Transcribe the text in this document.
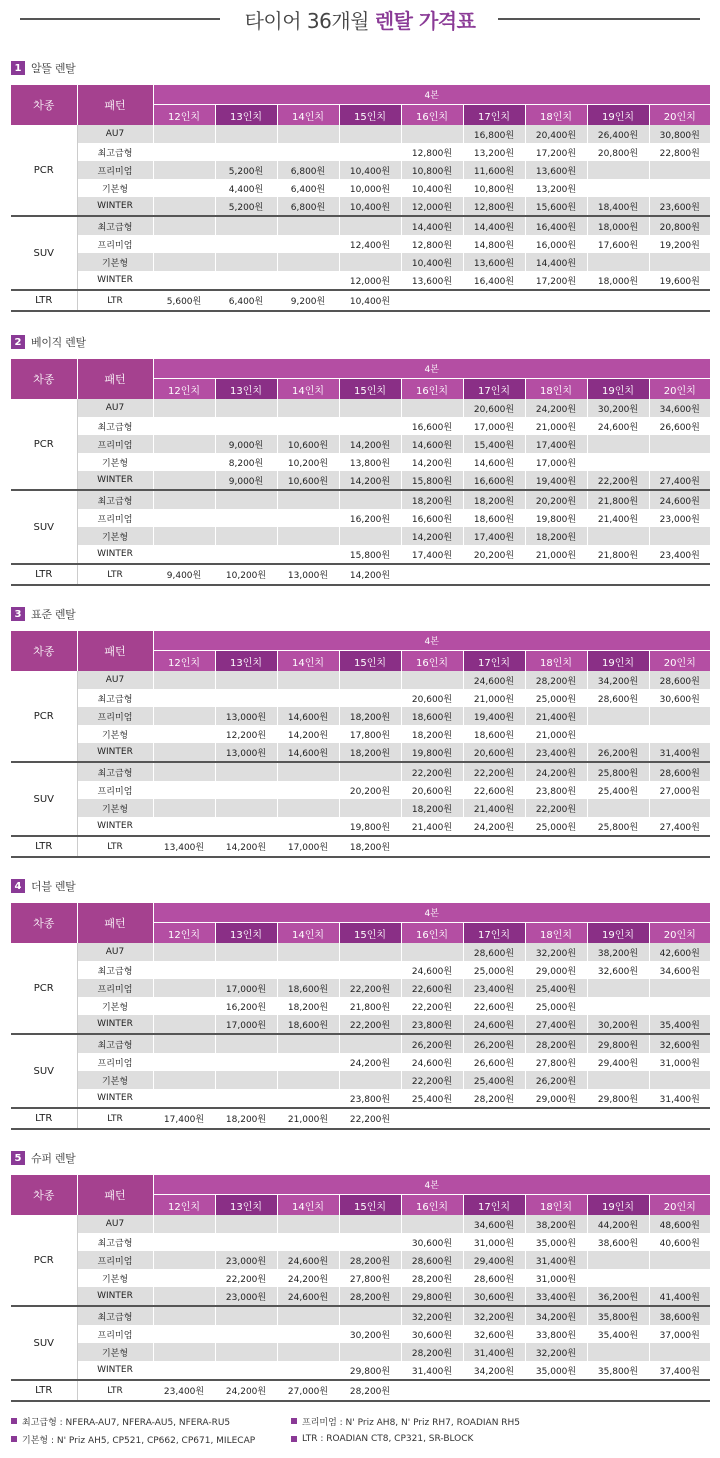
타이어 36개월 렌탈 가격표
1 알뜰 렌탈
차종	패턴	4본								
		12인치	13인치	14인치	15인치	16인치	17인치	18인치	19인치	20인치
PCR	AU7						16,800원	20,400원	26,400원	30,800원
	최고급형					12,800원	13,200원	17,200원	20,800원	22,800원
	프리미엄		5,200원	6,800원	10,400원	10,800원	11,600원	13,600원		
	기본형		4,400원	6,400원	10,000원	10,400원	10,800원	13,200원		
	WINTER		5,200원	6,800원	10,400원	12,000원	12,800원	15,600원	18,400원	23,600원
SUV	최고급형					14,400원	14,400원	16,400원	18,000원	20,800원
	프리미엄				12,400원	12,800원	14,800원	16,000원	17,600원	19,200원
	기본형					10,400원	13,600원	14,400원		
	WINTER				12,000원	13,600원	16,400원	17,200원	18,000원	19,600원
LTR	LTR	5,600원	6,400원	9,200원	10,400원					
2 베이직 렌탈
차종	패턴	4본								
		12인치	13인치	14인치	15인치	16인치	17인치	18인치	19인치	20인치
PCR	AU7						20,600원	24,200원	30,200원	34,600원
	최고급형					16,600원	17,000원	21,000원	24,600원	26,600원
	프리미엄		9,000원	10,600원	14,200원	14,600원	15,400원	17,400원		
	기본형		8,200원	10,200원	13,800원	14,200원	14,600원	17,000원		
	WINTER		9,000원	10,600원	14,200원	15,800원	16,600원	19,400원	22,200원	27,400원
SUV	최고급형					18,200원	18,200원	20,200원	21,800원	24,600원
	프리미엄				16,200원	16,600원	18,600원	19,800원	21,400원	23,000원
	기본형					14,200원	17,400원	18,200원		
	WINTER				15,800원	17,400원	20,200원	21,000원	21,800원	23,400원
LTR	LTR	9,400원	10,200원	13,000원	14,200원					
3 표준 렌탈
차종	패턴	4본								
		12인치	13인치	14인치	15인치	16인치	17인치	18인치	19인치	20인치
PCR	AU7						24,600원	28,200원	34,200원	28,600원
	최고급형					20,600원	21,000원	25,000원	28,600원	30,600원
	프리미엄		13,000원	14,600원	18,200원	18,600원	19,400원	21,400원		
	기본형		12,200원	14,200원	17,800원	18,200원	18,600원	21,000원		
	WINTER		13,000원	14,600원	18,200원	19,800원	20,600원	23,400원	26,200원	31,400원
SUV	최고급형					22,200원	22,200원	24,200원	25,800원	28,600원
	프리미엄				20,200원	20,600원	22,600원	23,800원	25,400원	27,000원
	기본형					18,200원	21,400원	22,200원		
	WINTER				19,800원	21,400원	24,200원	25,000원	25,800원	27,400원
LTR	LTR	13,400원	14,200원	17,000원	18,200원					
4 더블 렌탈
차종	패턴	4본								
		12인치	13인치	14인치	15인치	16인치	17인치	18인치	19인치	20인치
PCR	AU7						28,600원	32,200원	38,200원	42,600원
	최고급형					24,600원	25,000원	29,000원	32,600원	34,600원
	프리미엄		17,000원	18,600원	22,200원	22,600원	23,400원	25,400원		
	기본형		16,200원	18,200원	21,800원	22,200원	22,600원	25,000원		
	WINTER		17,000원	18,600원	22,200원	23,800원	24,600원	27,400원	30,200원	35,400원
SUV	최고급형					26,200원	26,200원	28,200원	29,800원	32,600원
	프리미엄				24,200원	24,600원	26,600원	27,800원	29,400원	31,000원
	기본형					22,200원	25,400원	26,200원		
	WINTER				23,800원	25,400원	28,200원	29,000원	29,800원	31,400원
LTR	LTR	17,400원	18,200원	21,000원	22,200원					
5 슈퍼 렌탈
차종	패턴	4본								
		12인치	13인치	14인치	15인치	16인치	17인치	18인치	19인치	20인치
PCR	AU7						34,600원	38,200원	44,200원	48,600원
	최고급형					30,600원	31,000원	35,000원	38,600원	40,600원
	프리미엄		23,000원	24,600원	28,200원	28,600원	29,400원	31,400원		
	기본형		22,200원	24,200원	27,800원	28,200원	28,600원	31,000원		
	WINTER		23,000원	24,600원	28,200원	29,800원	30,600원	33,400원	36,200원	41,400원
SUV	최고급형					32,200원	32,200원	34,200원	35,800원	38,600원
	프리미엄				30,200원	30,600원	32,600원	33,800원	35,400원	37,000원
	기본형					28,200원	31,400원	32,200원		
	WINTER				29,800원	31,400원	34,200원	35,000원	35,800원	37,400원
LTR	LTR	23,400원	24,200원	27,000원	28,200원					
최고급형 : NFERA-AU7, NFERA-AU5, NFERA-RU5	프리미엄 : N' Priz AH8, N' Priz RH7, ROADIAN RH5
기본형 : N' Priz AH5, CP521, CP662, CP671, MILECAP	LTR : ROADIAN CT8, CP321, SR-BLOCK
